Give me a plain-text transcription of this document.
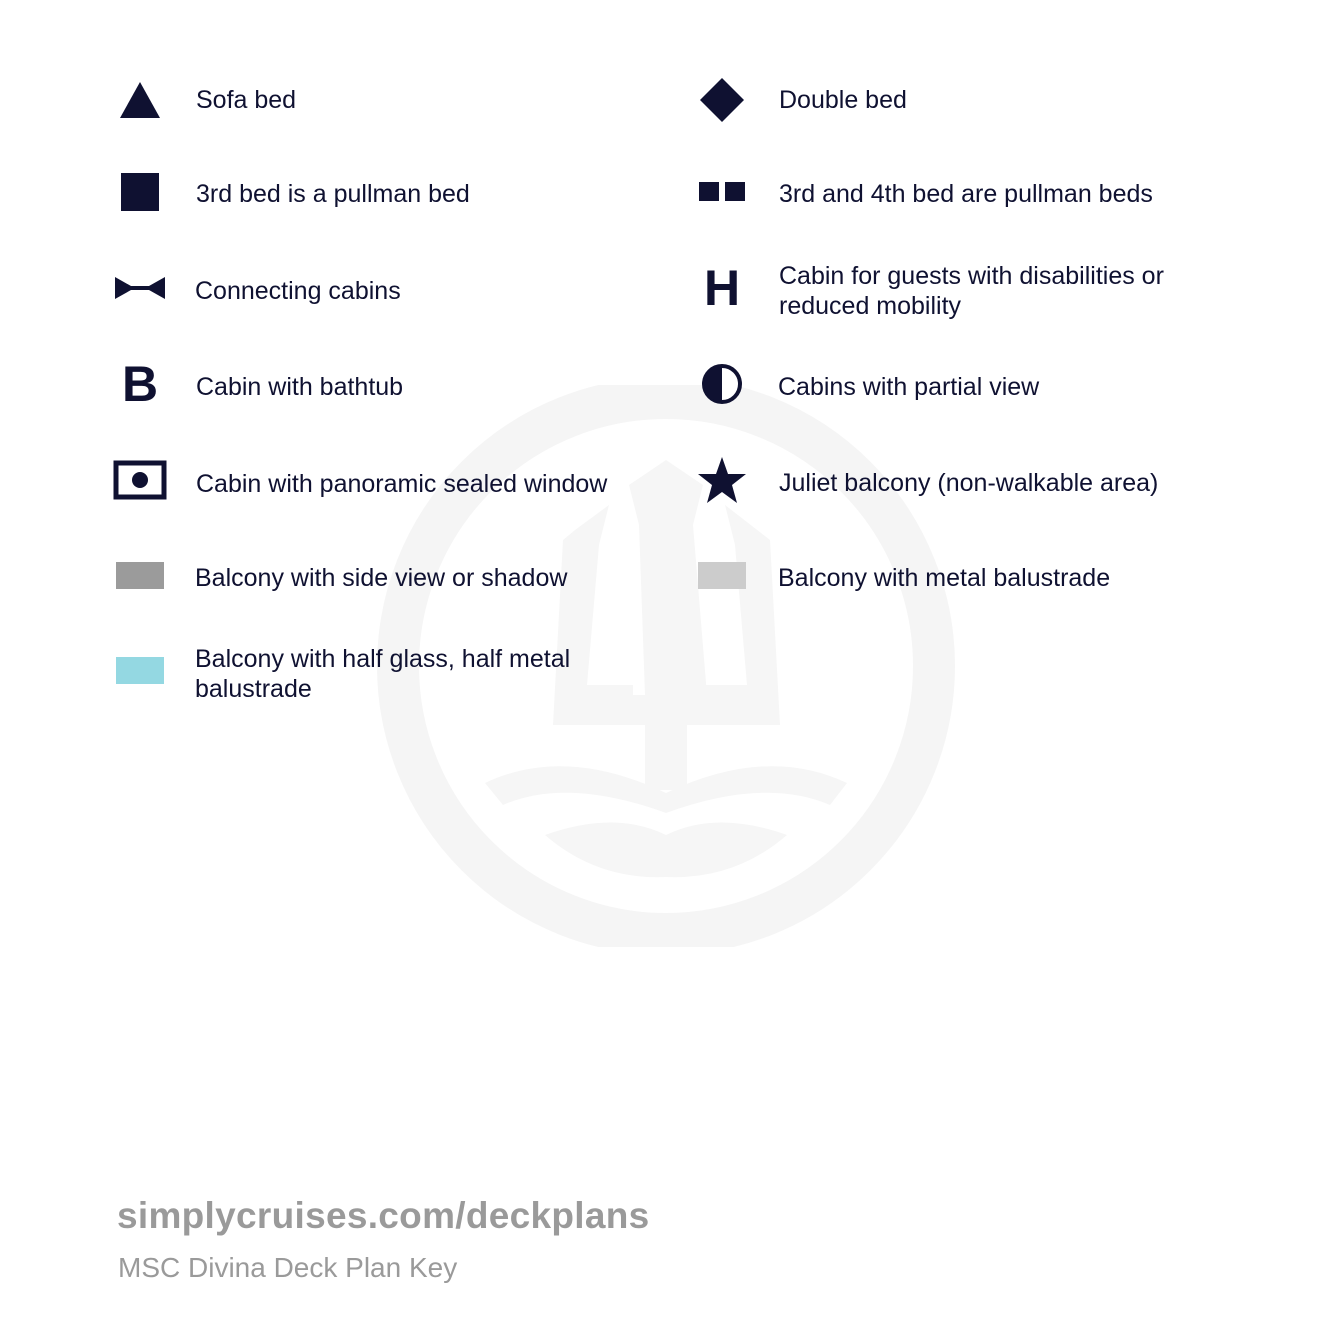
Sofa bed	Double bed
3rd bed is a pullman bed	3rd and 4th bed are pullman beds
Connecting cabins	H Cabin for guests with disabilities or reduced mobility
B Cabin with bathtub	Cabins with partial view
Cabin with panoramic sealed window	Juliet balcony (non-walkable area)
Balcony with side view or shadow	Balcony with metal balustrade
Balcony with half glass, half metal balustrade
simplycruises.com/deckplans
MSC Divina Deck Plan Key
